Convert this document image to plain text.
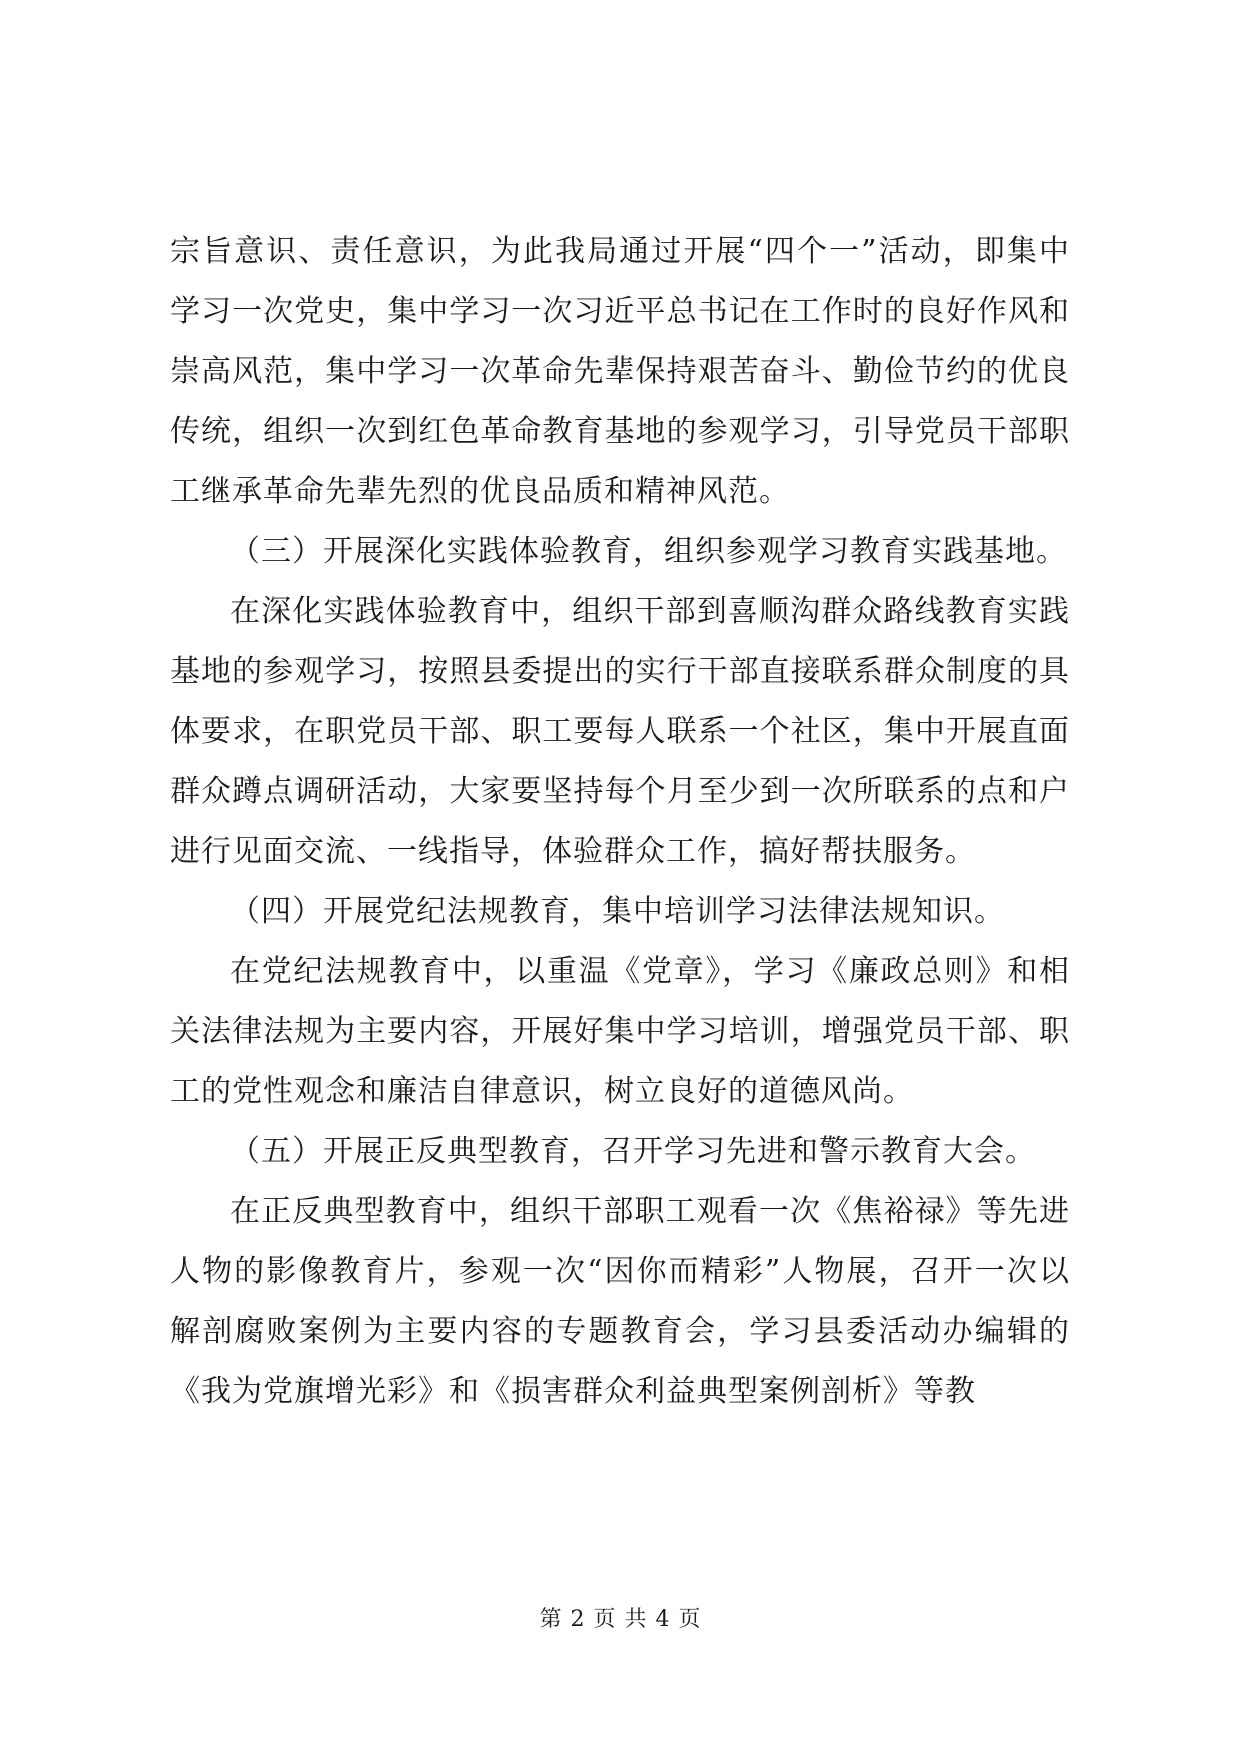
宗旨意识、责任意识，为此我局通过开展“四个一”活动，即集中学习一次党史，集中学习一次习近平总书记在工作时的良好作风和崇高风范，集中学习一次革命先辈保持艰苦奋斗、勤俭节约的优良传统，组织一次到红色革命教育基地的参观学习，引导党员干部职工继承革命先辈先烈的优良品质和精神风范。

（三）开展深化实践体验教育，组织参观学习教育实践基地。

在深化实践体验教育中，组织干部到喜顺沟群众路线教育实践基地的参观学习，按照县委提出的实行干部直接联系群众制度的具体要求，在职党员干部、职工要每人联系一个社区，集中开展直面群众蹲点调研活动，大家要坚持每个月至少到一次所联系的点和户进行见面交流、一线指导，体验群众工作，搞好帮扶服务。

（四）开展党纪法规教育，集中培训学习法律法规知识。

在党纪法规教育中，以重温《党章》，学习《廉政总则》和相关法律法规为主要内容，开展好集中学习培训，增强党员干部、职工的党性观念和廉洁自律意识，树立良好的道德风尚。

（五）开展正反典型教育，召开学习先进和警示教育大会。

在正反典型教育中，组织干部职工观看一次《焦裕禄》等先进人物的影像教育片，参观一次“因你而精彩”人物展，召开一次以解剖腐败案例为主要内容的专题教育会，学习县委活动办编辑的《我为党旗增光彩》和《损害群众利益典型案例剖析》等教

第 2 页 共 4 页
